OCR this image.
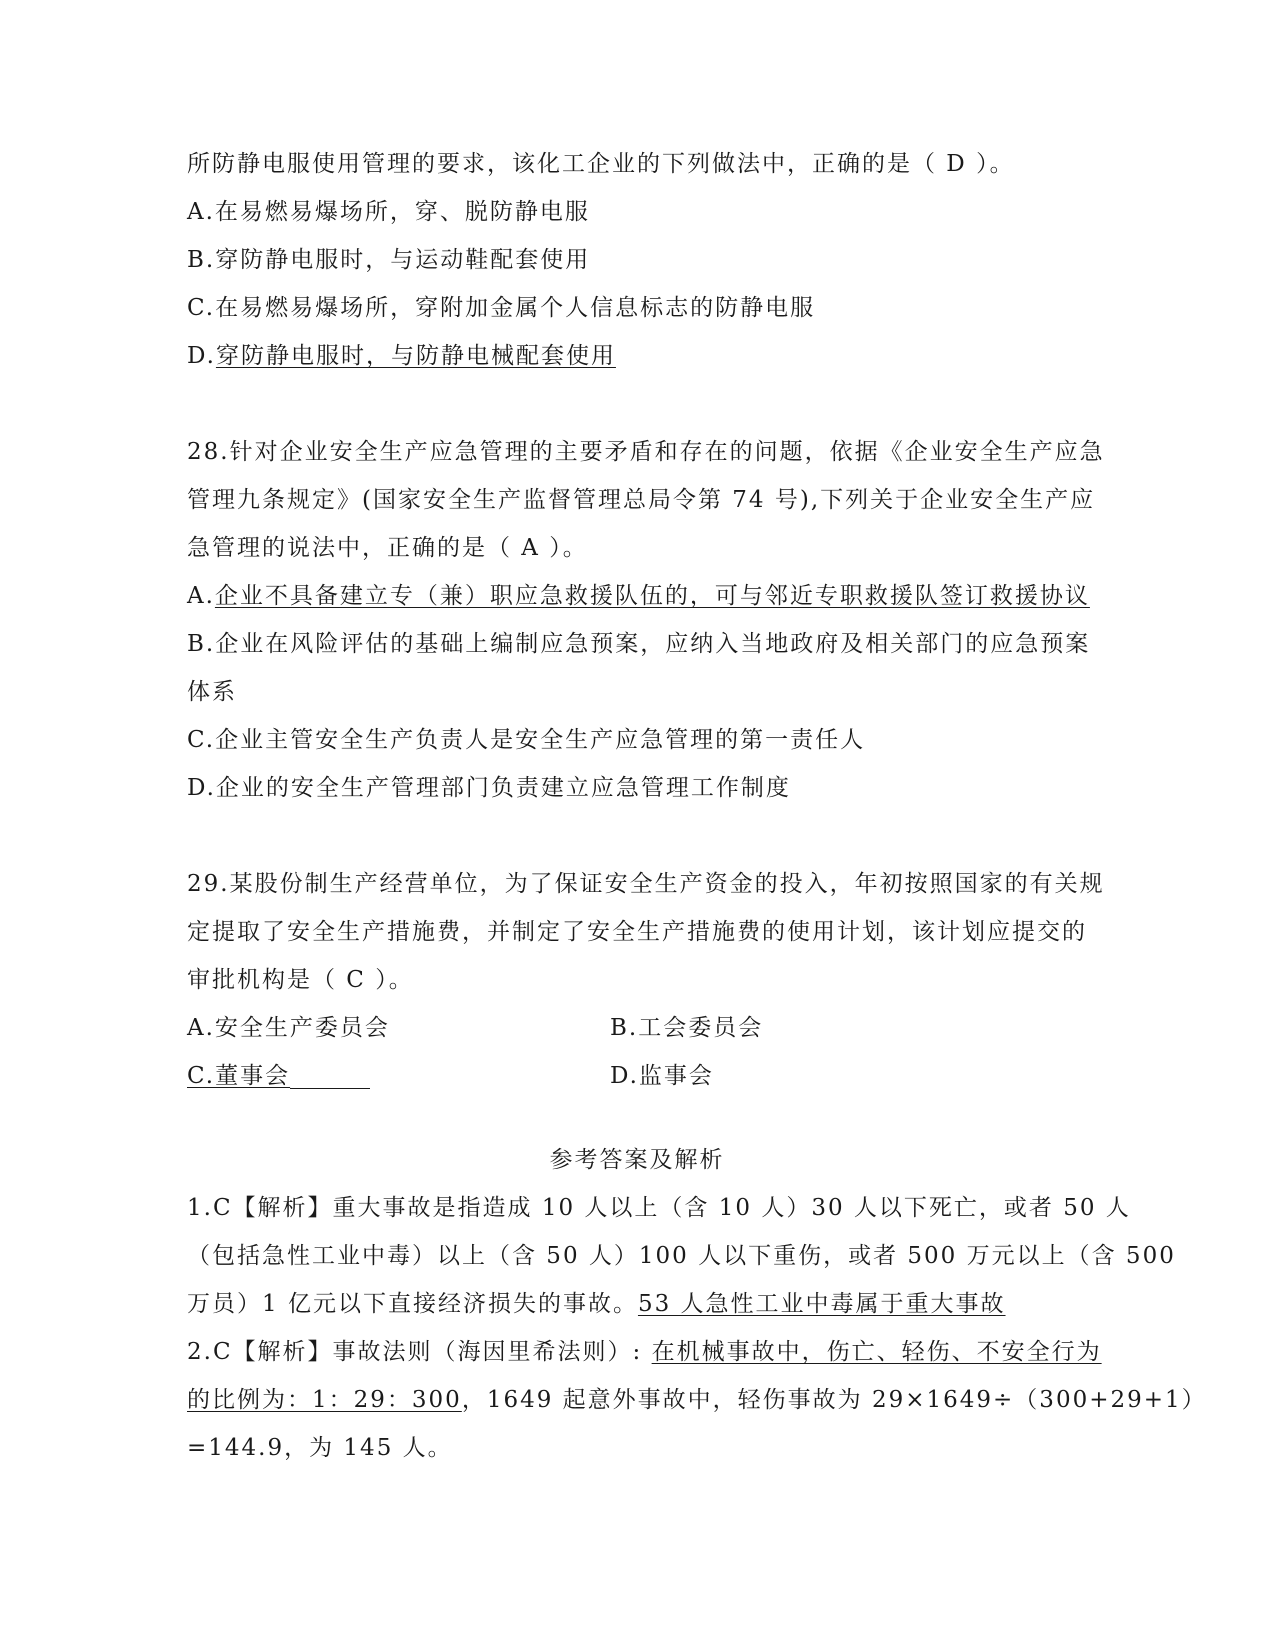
所防静电服使用管理的要求，该化工企业的下列做法中，正确的是（ D ）。
A.在易燃易爆场所，穿、脱防静电服
B.穿防静电服时，与运动鞋配套使用
C.在易燃易爆场所，穿附加金属个人信息标志的防静电服
D.穿防静电服时，与防静电械配套使用
28.针对企业安全生产应急管理的主要矛盾和存在的问题，依据《企业安全生产应急
管理九条规定》(国家安全生产监督管理总局令第 74 号),下列关于企业安全生产应
急管理的说法中，正确的是（ A ）。
A.企业不具备建立专（兼）职应急救援队伍的，可与邻近专职救援队签订救援协议
B.企业在风险评估的基础上编制应急预案，应纳入当地政府及相关部门的应急预案
体系
C.企业主管安全生产负责人是安全生产应急管理的第一责任人
D.企业的安全生产管理部门负责建立应急管理工作制度
29.某股份制生产经营单位，为了保证安全生产资金的投入，年初按照国家的有关规
定提取了安全生产措施费，并制定了安全生产措施费的使用计划，该计划应提交的
审批机构是（ C ）。
A.安全生产委员会	B.工会委员会
C.董事会	D.监事会
参考答案及解析
1.C【解析】重大事故是指造成 10 人以上（含 10 人）30 人以下死亡，或者 50 人
（包括急性工业中毒）以上（含 50 人）100 人以下重伤，或者 500 万元以上（含 500
万员）1 亿元以下直接经济损失的事故。53 人急性工业中毒属于重大事故
2.C【解析】事故法则（海因里希法则）: 在机械事故中，伤亡、轻伤、不安全行为
的比例为：1：29：300，1649 起意外事故中，轻伤事故为 29×1649÷（300+29+1）
=144.9，为 145 人。
